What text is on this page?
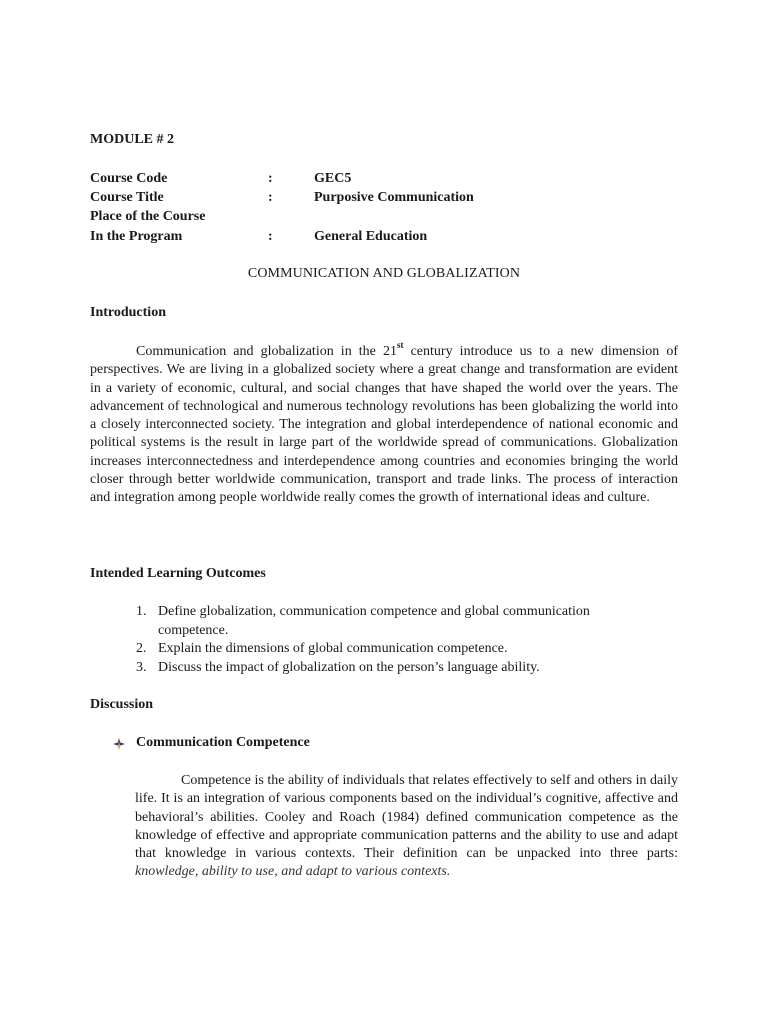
MODULE # 2
Course Code	:	GEC5
Course Title	:	Purposive Communication
Place of the Course
In the Program	:	General Education
COMMUNICATION AND GLOBALIZATION
Introduction
Communication and globalization in the 21st century introduce us to a new dimension of perspectives. We are living in a globalized society where a great change and transformation are evident in a variety of economic, cultural, and social changes that have shaped the world over the years. The advancement of technological and numerous technology revolutions has been globalizing the world into a closely interconnected society. The integration and global interdependence of national economic and political systems is the result in large part of the worldwide spread of communications. Globalization increases interconnectedness and interdependence among countries and economies bringing the world closer through better worldwide communication, transport and trade links. The process of interaction and integration among people worldwide really comes the growth of international ideas and culture.
Intended Learning Outcomes
1. Define globalization, communication competence and global communication competence.
2. Explain the dimensions of global communication competence.
3. Discuss the impact of globalization on the person’s language ability.
Discussion
Communication Competence
Competence is the ability of individuals that relates effectively to self and others in daily life. It is an integration of various components based on the individual’s cognitive, affective and behavioral’s abilities. Cooley and Roach (1984) defined communication competence as the knowledge of effective and appropriate communication patterns and the ability to use and adapt that knowledge in various contexts. Their definition can be unpacked into three parts: knowledge, ability to use, and adapt to various contexts.
